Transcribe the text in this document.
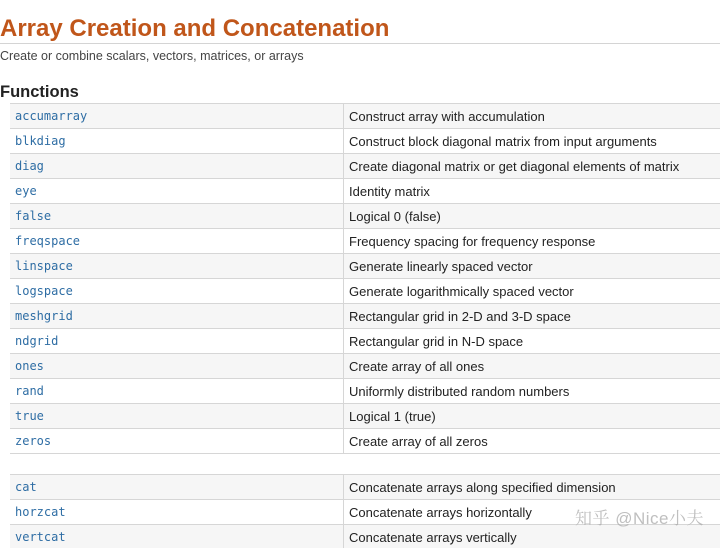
Array Creation and Concatenation
Create or combine scalars, vectors, matrices, or arrays
Functions
accumarray	Construct array with accumulation
blkdiag	Construct block diagonal matrix from input arguments
diag	Create diagonal matrix or get diagonal elements of matrix
eye	Identity matrix
false	Logical 0 (false)
freqspace	Frequency spacing for frequency response
linspace	Generate linearly spaced vector
logspace	Generate logarithmically spaced vector
meshgrid	Rectangular grid in 2-D and 3-D space
ndgrid	Rectangular grid in N-D space
ones	Create array of all ones
rand	Uniformly distributed random numbers
true	Logical 1 (true)
zeros	Create array of all zeros
cat	Concatenate arrays along specified dimension
horzcat	Concatenate arrays horizontally
vertcat	Concatenate arrays vertically
知乎 @Nice小夫
